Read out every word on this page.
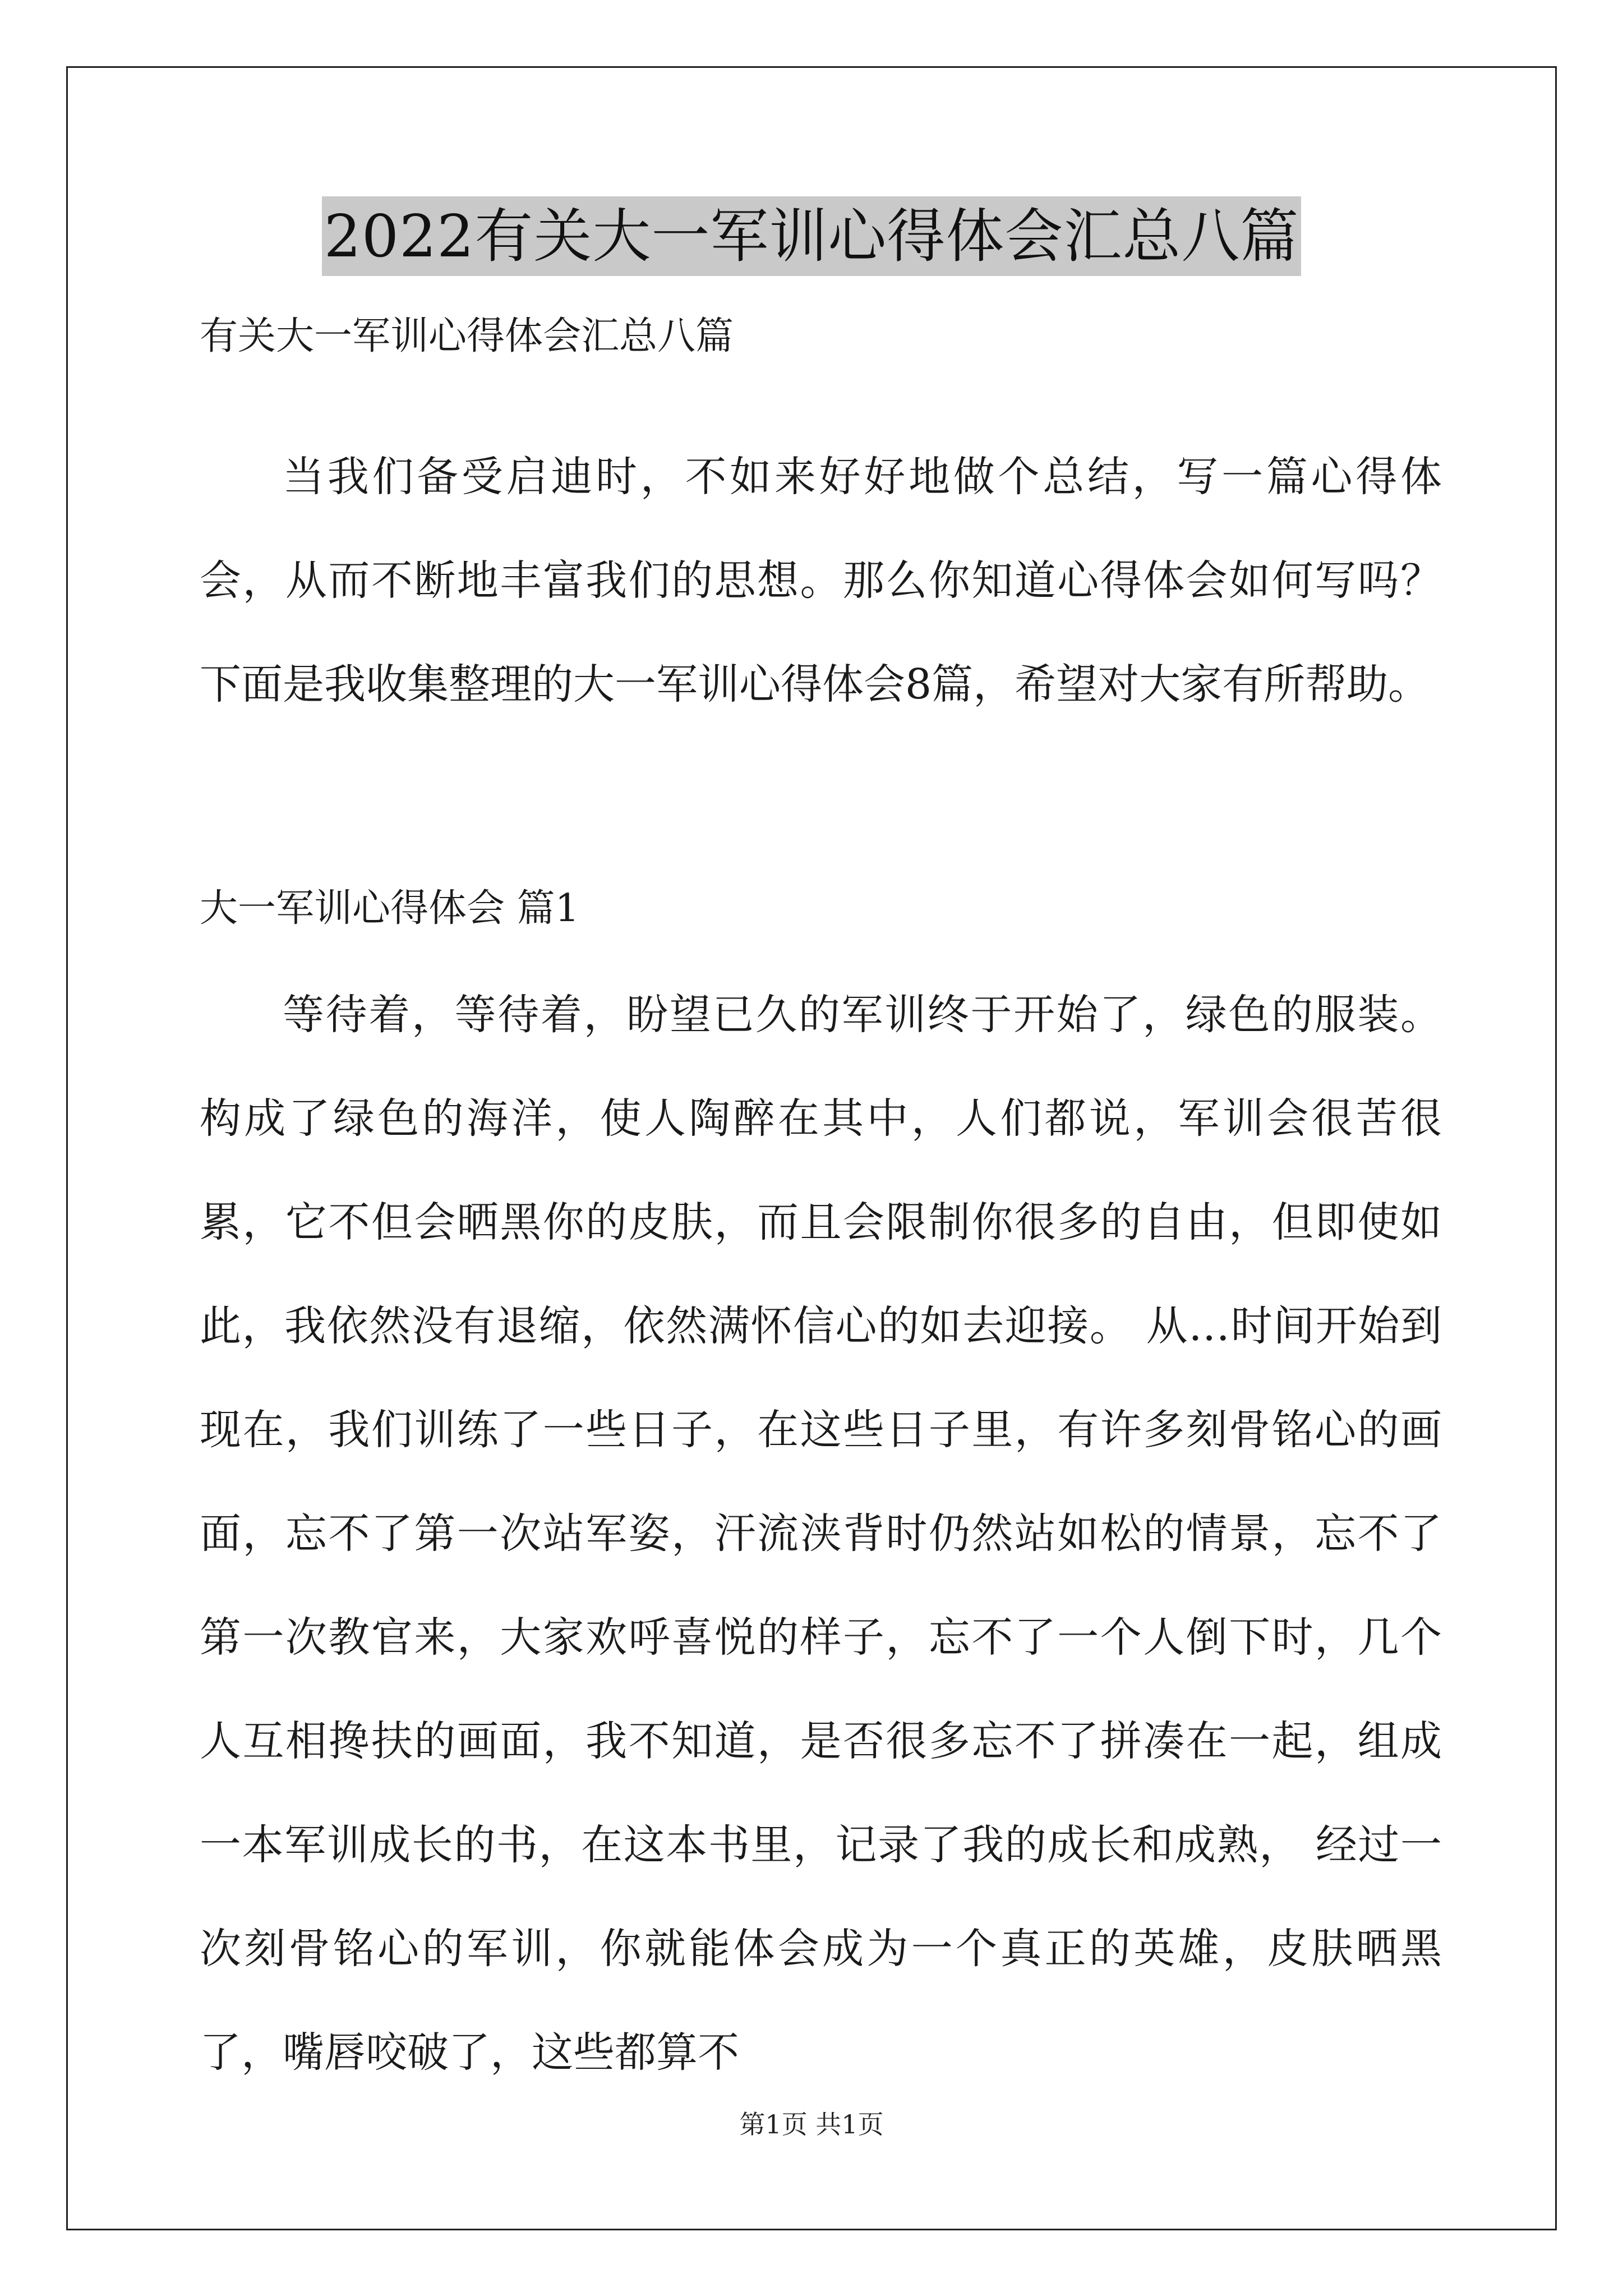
2022有关大一军训心得体会汇总八篇

有关大一军训心得体会汇总八篇

当我们备受启迪时，不如来好好地做个总结，写一篇心得体会，从而不断地丰富我们的思想。那么你知道心得体会如何写吗？下面是我收集整理的大一军训心得体会8篇，希望对大家有所帮助。

大一军训心得体会 篇1

等待着，等待着，盼望已久的军训终于开始了，绿色的服装。构成了绿色的海洋，使人陶醉在其中，人们都说，军训会很苦很累，它不但会晒黑你的皮肤，而且会限制你很多的自由，但即使如此，我依然没有退缩，依然满怀信心的如去迎接。 从…时间开始到现在，我们训练了一些日子，在这些日子里，有许多刻骨铭心的画面，忘不了第一次站军姿，汗流浃背时仍然站如松的情景，忘不了第一次教官来，大家欢呼喜悦的样子，忘不了一个人倒下时，几个人互相搀扶的画面，我不知道，是否很多忘不了拼凑在一起，组成一本军训成长的书，在这本书里，记录了我的成长和成熟， 经过一次刻骨铭心的军训，你就能体会成为一个真正的英雄，皮肤晒黑了，嘴唇咬破了，这些都算不

第1页 共1页
